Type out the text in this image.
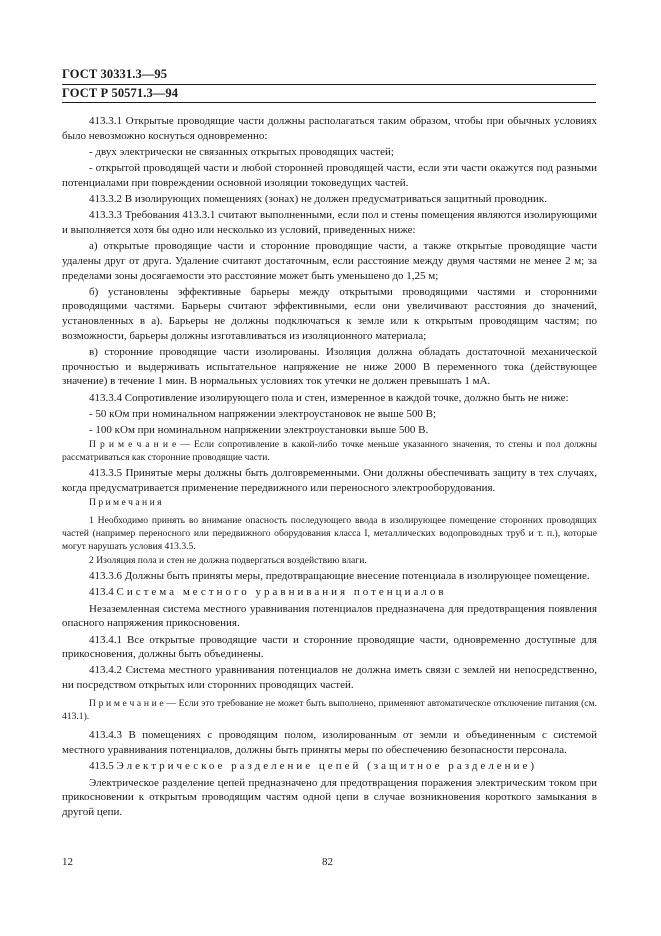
ГОСТ 30331.3—95
ГОСТ Р 50571.3—94

413.3.1 Открытые проводящие части должны располагаться таким образом, чтобы при обычных условиях было невозможно коснуться одновременно:

- двух электрически не связанных открытых проводящих частей;

- открытой проводящей части и любой сторонней проводящей части, если эти части окажутся под разными потенциалами при повреждении основной изоляции токоведущих частей.

413.3.2 В изолирующих помещениях (зонах) не должен предусматриваться защитный проводник.

413.3.3 Требования 413.3.1 считают выполненными, если пол и стены помещения являются изолирующими и выполняется хотя бы одно или несколько из условий, приведенных ниже:

а) открытые проводящие части и сторонние проводящие части, а также открытые проводящие части удалены друг от друга. Удаление считают достаточным, если расстояние между двумя частями не менее 2 м; за пределами зоны досягаемости это расстояние может быть уменьшено до 1,25 м;

б) установлены эффективные барьеры между открытыми проводящими частями и сторонними проводящими частями. Барьеры считают эффективными, если они увеличивают расстояния до значений, установленных в а). Барьеры не должны подключаться к земле или к открытым проводящим частям; по возможности, барьеры должны изготавливаться из изоляционного материала;

в) сторонние проводящие части изолированы. Изоляция должна обладать достаточной механической прочностью и выдерживать испытательное напряжение не ниже 2000 В переменного тока (действующее значение) в течение 1 мин. В нормальных условиях ток утечки не должен превышать 1 мА.

413.3.4 Сопротивление изолирующего пола и стен, измеренное в каждой точке, должно быть не ниже:

- 50 кОм при номинальном напряжении электроустановок не выше 500 В;

- 100 кОм при номинальном напряжении электроустановки выше 500 В.

П р и м е ч а н и е — Если сопротивление в какой-либо точке меньше указанного значения, то стены и пол должны рассматриваться как сторонние проводящие части.

413.3.5 Принятые меры должны быть долговременными. Они должны обеспечивать защиту в тех случаях, когда предусматривается применение передвижного или переносного электрооборудования.

П р и м е ч а н и я

1 Необходимо принять во внимание опасность последующего ввода в изолирующее помещение сторонних проводящих частей (например переносного или передвижного оборудования класса I, металлических водопроводных труб и т. п.), которые могут нарушать условия 413.3.5.

2 Изоляция пола и стен не должна подвергаться воздействию влаги.

413.3.6 Должны быть приняты меры, предотвращающие внесение потенциала в изолирующее помещение.

413.4 Система местного уравнивания потенциалов

Незаземленная система местного уравнивания потенциалов предназначена для предотвращения появления опасного напряжения прикосновения.

413.4.1 Все открытые проводящие части и сторонние проводящие части, одновременно доступные для прикосновения, должны быть объединены.

413.4.2 Система местного уравнивания потенциалов не должна иметь связи с землей ни непосредственно, ни посредством открытых или сторонних проводящих частей.

П р и м е ч а н и е — Если это требование не может быть выполнено, применяют автоматическое отключение питания (см. 413.1).

413.4.3 В помещениях с проводящим полом, изолированным от земли и объединенным с системой местного уравнивания потенциалов, должны быть приняты меры по обеспечению безопасности персонала.

413.5 Электрическое разделение цепей (защитное разделение)

Электрическое разделение цепей предназначено для предотвращения поражения электрическим током при прикосновении к открытым проводящим частям одной цепи в случае возникновения короткого замыкания в другой цепи.

12	82
